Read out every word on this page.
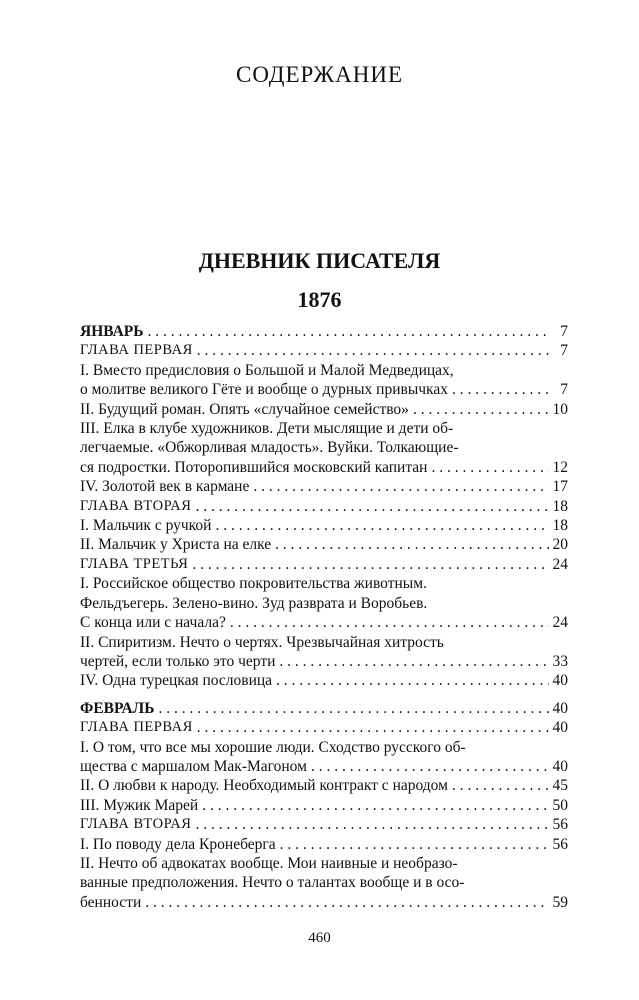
СОДЕРЖАНИЕ
ДНЕВНИК ПИСАТЕЛЯ
1876
ЯНВАРЬ . . .	7
ГЛАВА ПЕРВАЯ . . .	7
I. Вместо предисловия о Большой и Малой Медведицах,
о молитве великого Гёте и вообще о дурных привычках . . .	7
II. Будущий роман. Опять «случайное семейство» . . .	10
III. Елка в клубе художников. Дети мыслящие и дети об-
легчаемые. «Обжорливая младость». Вуйки. Толкающие-
ся подростки. Поторопившийся московский капитан . . .	12
IV. Золотой век в кармане . . .	17
ГЛАВА ВТОРАЯ . . .	18
I. Мальчик с ручкой . . .	18
II. Мальчик у Христа на елке . . .	20
ГЛАВА ТРЕТЬЯ . . .	24
I. Российское общество покровительства животным.
Фельдъегерь. Зелено-вино. Зуд разврата и Воробьев.
С конца или с начала? . . .	24
II. Спиритизм. Нечто о чертях. Чрезвычайная хитрость
чертей, если только это черти . . .	33
IV. Одна турецкая пословица . . .	40
ФЕВРАЛЬ . . .	40
ГЛАВА ПЕРВАЯ . . .	40
I. О том, что все мы хорошие люди. Сходство русского об-
щества с маршалом Мак-Магоном . . .	40
II. О любви к народу. Необходимый контракт с народом . . .	45
III. Мужик Марей . . .	50
ГЛАВА ВТОРАЯ . . .	56
I. По поводу дела Кронеберга . . .	56
II. Нечто об адвокатах вообще. Мои наивные и необразо-
ванные предположения. Нечто о талантах вообще и в осо-
бенности . . .	59
460
